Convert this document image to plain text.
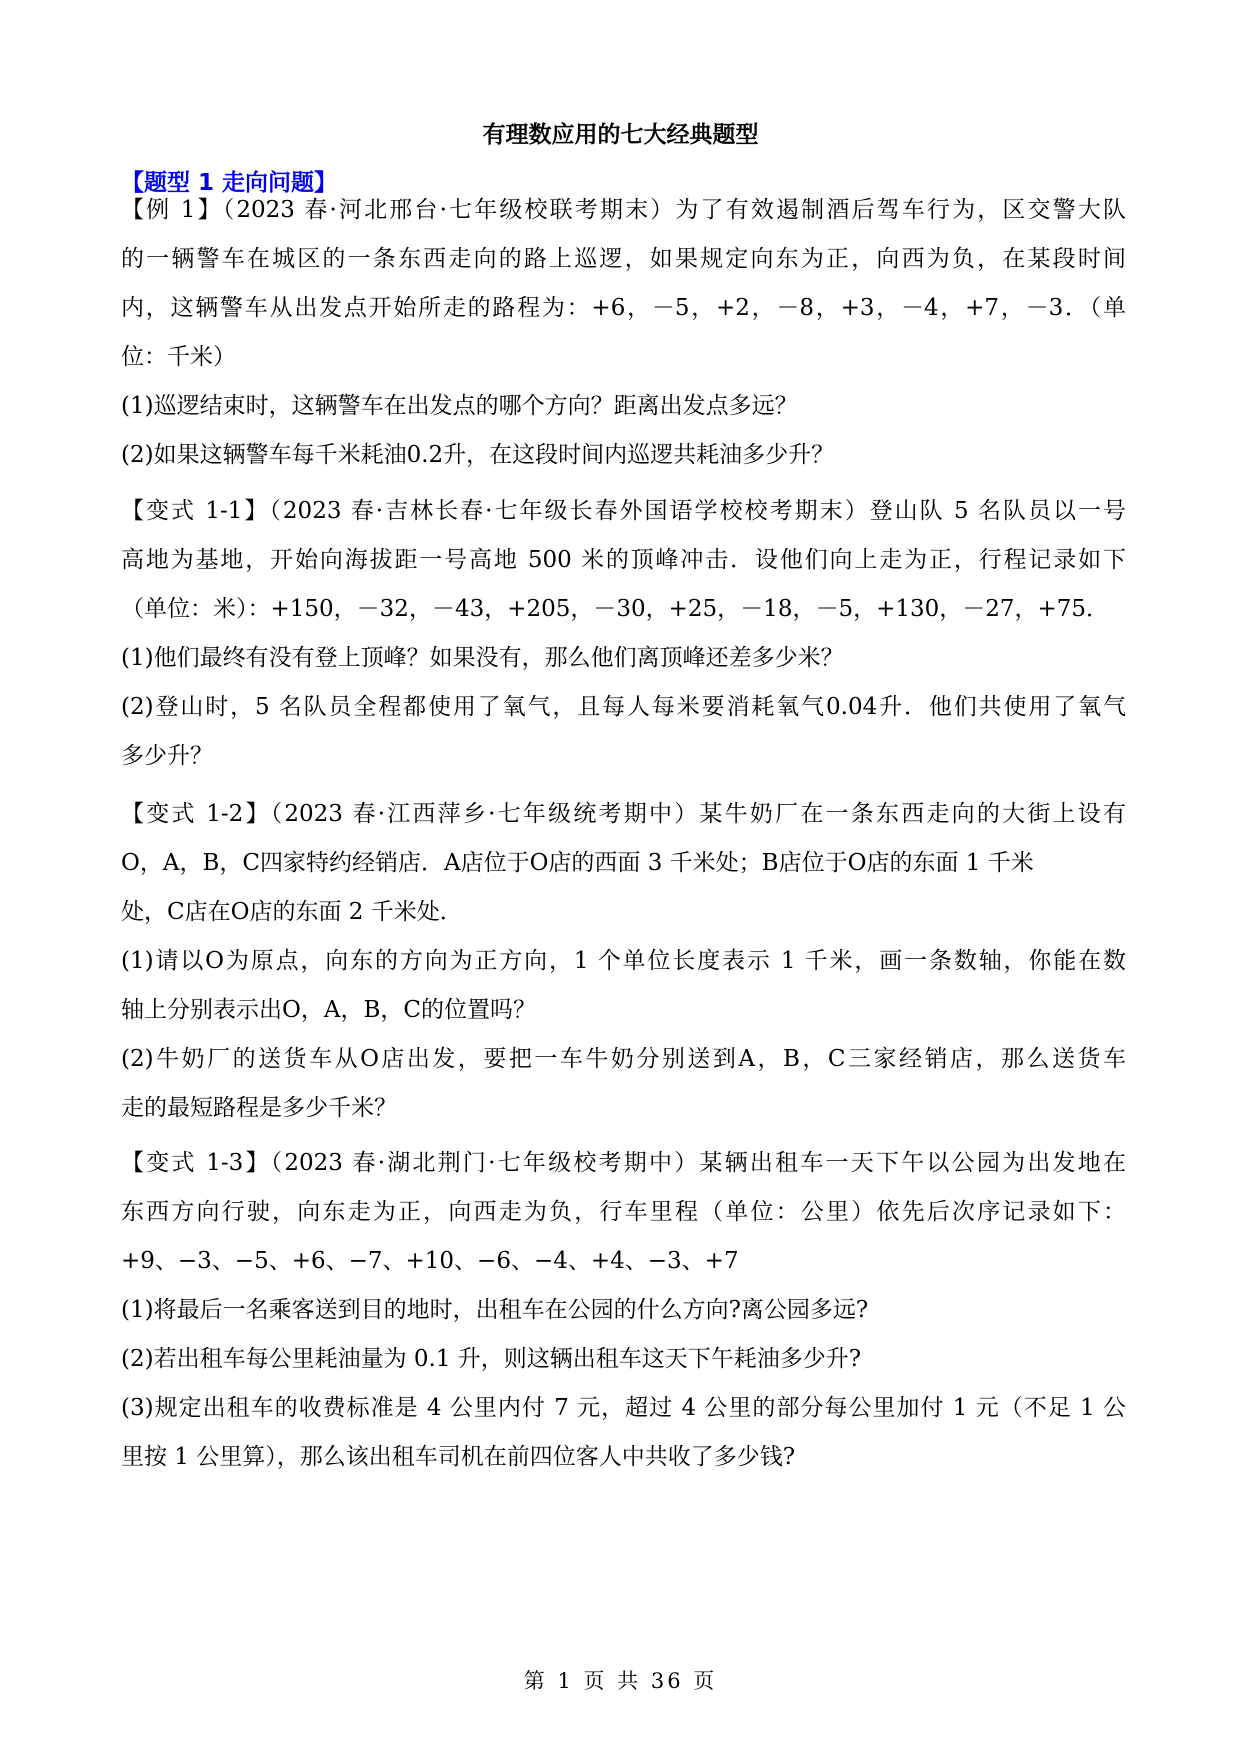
有理数应用的七大经典题型
【题型 1 走向问题】
【例 1】（2023 春·河北邢台·七年级校联考期末）为了有效遏制酒后驾车行为，区交警大队
的一辆警车在城区的一条东西走向的路上巡逻，如果规定向东为正，向西为负，在某段时间
内，这辆警车从出发点开始所走的路程为：+6，－5，+2，－8，+3，－4，+7，－3．（单
位：千米）
(1)巡逻结束时，这辆警车在出发点的哪个方向？距离出发点多远？
(2)如果这辆警车每千米耗油0.2升，在这段时间内巡逻共耗油多少升？
【变式 1-1】（2023 春·吉林长春·七年级长春外国语学校校考期末）登山队 5 名队员以一号
高地为基地，开始向海拔距一号高地 500 米的顶峰冲击．设他们向上走为正，行程记录如下
（单位：米）：+150，－32，－43，+205，－30，+25，－18，－5，+130，－27，+75．
(1)他们最终有没有登上顶峰？如果没有，那么他们离顶峰还差多少米？
(2)登山时，5 名队员全程都使用了氧气，且每人每米要消耗氧气0.04升．他们共使用了氧气
多少升？
【变式 1-2】（2023 春·江西萍乡·七年级统考期中）某牛奶厂在一条东西走向的大街上设有
O，A，B，C四家特约经销店．A店位于O店的西面 3 千米处；B店位于O店的东面 1 千米
处，C店在O店的东面 2 千米处．
(1)请以O为原点，向东的方向为正方向，1 个单位长度表示 1 千米，画一条数轴，你能在数
轴上分别表示出O，A，B，C的位置吗？
(2)牛奶厂的送货车从O店出发，要把一车牛奶分别送到A，B，C三家经销店，那么送货车
走的最短路程是多少千米？
【变式 1-3】（2023 春·湖北荆门·七年级校考期中）某辆出租车一天下午以公园为出发地在
东西方向行驶，向东走为正，向西走为负，行车里程（单位：公里）依先后次序记录如下：
+9、−3、−5、+6、−7、+10、−6、−4、+4、−3、+7
(1)将最后一名乘客送到目的地时，出租车在公园的什么方向?离公园多远?
(2)若出租车每公里耗油量为 0.1 升，则这辆出租车这天下午耗油多少升?
(3)规定出租车的收费标准是 4 公里内付 7 元，超过 4 公里的部分每公里加付 1 元（不足 1 公
里按 1 公里算），那么该出租车司机在前四位客人中共收了多少钱?
第 1 页 共 36 页
